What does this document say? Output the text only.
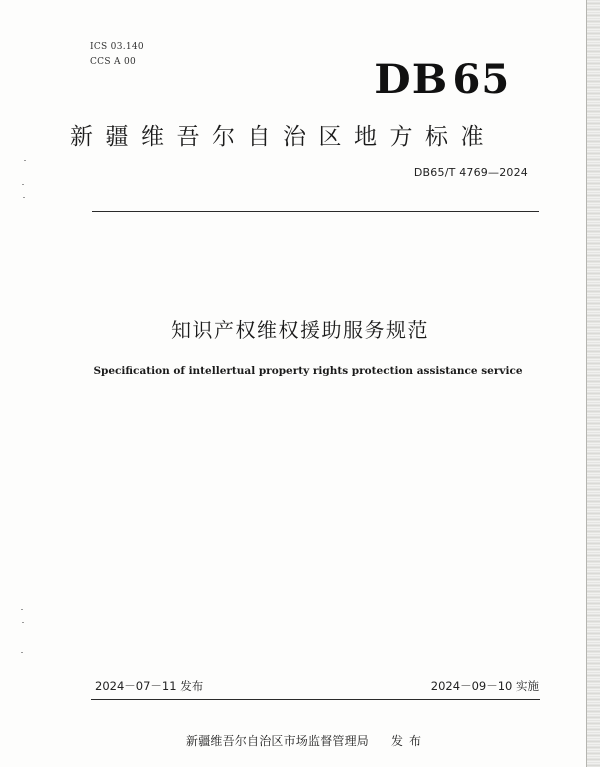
ICS 03.140
CCS A 00	DB 65
新疆维吾尔自治区地方标准
DB65/T 4769—2024
知识产权维权援助服务规范
Specification of intellertual property rights protection assistance service
2024－07－11 发布	2024－09－10 实施
新疆维吾尔自治区市场监督管理局 发布
